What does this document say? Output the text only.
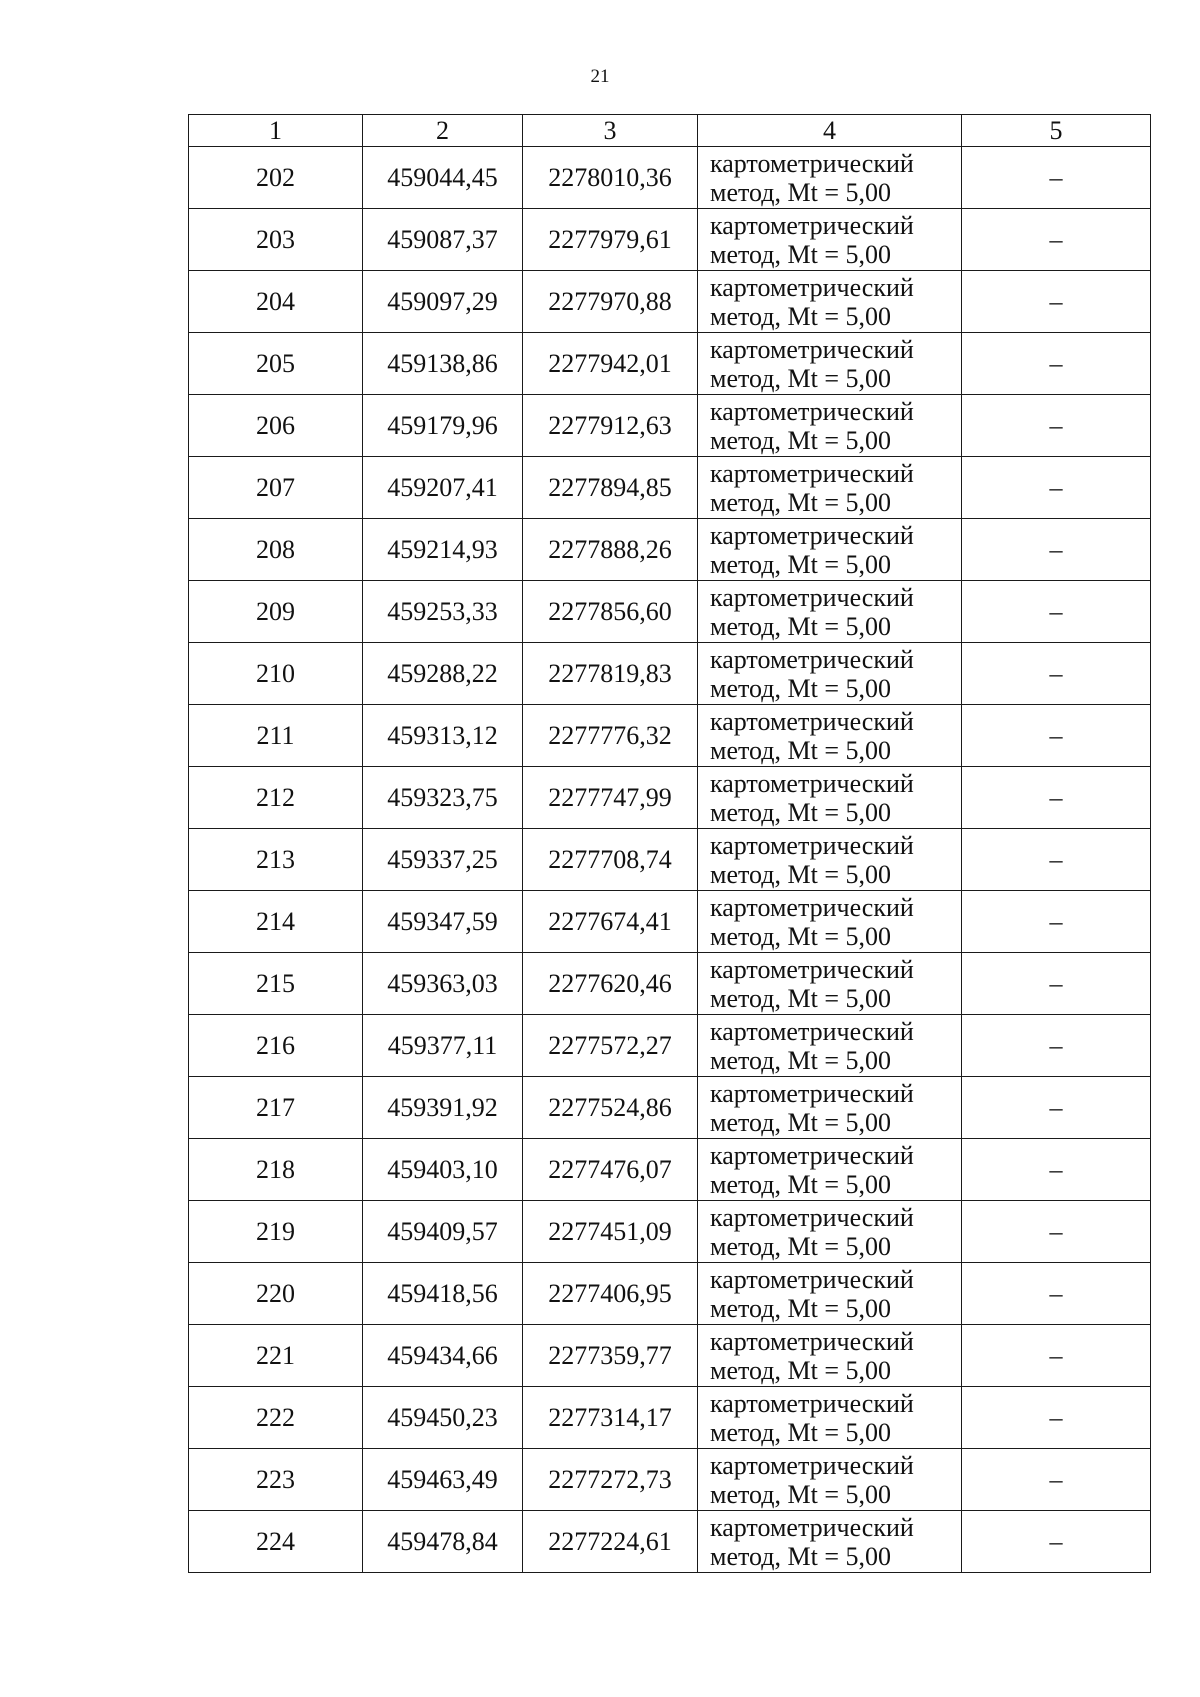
21
1	2	3	4	5
202	459044,45	2278010,36	картометрический
метод, Mt = 5,00	–
203	459087,37	2277979,61	картометрический
метод, Mt = 5,00	–
204	459097,29	2277970,88	картометрический
метод, Mt = 5,00	–
205	459138,86	2277942,01	картометрический
метод, Mt = 5,00	–
206	459179,96	2277912,63	картометрический
метод, Mt = 5,00	–
207	459207,41	2277894,85	картометрический
метод, Mt = 5,00	–
208	459214,93	2277888,26	картометрический
метод, Mt = 5,00	–
209	459253,33	2277856,60	картометрический
метод, Mt = 5,00	–
210	459288,22	2277819,83	картометрический
метод, Mt = 5,00	–
211	459313,12	2277776,32	картометрический
метод, Mt = 5,00	–
212	459323,75	2277747,99	картометрический
метод, Mt = 5,00	–
213	459337,25	2277708,74	картометрический
метод, Mt = 5,00	–
214	459347,59	2277674,41	картометрический
метод, Mt = 5,00	–
215	459363,03	2277620,46	картометрический
метод, Mt = 5,00	–
216	459377,11	2277572,27	картометрический
метод, Mt = 5,00	–
217	459391,92	2277524,86	картометрический
метод, Mt = 5,00	–
218	459403,10	2277476,07	картометрический
метод, Mt = 5,00	–
219	459409,57	2277451,09	картометрический
метод, Mt = 5,00	–
220	459418,56	2277406,95	картометрический
метод, Mt = 5,00	–
221	459434,66	2277359,77	картометрический
метод, Mt = 5,00	–
222	459450,23	2277314,17	картометрический
метод, Mt = 5,00	–
223	459463,49	2277272,73	картометрический
метод, Mt = 5,00	–
224	459478,84	2277224,61	картометрический
метод, Mt = 5,00	–
